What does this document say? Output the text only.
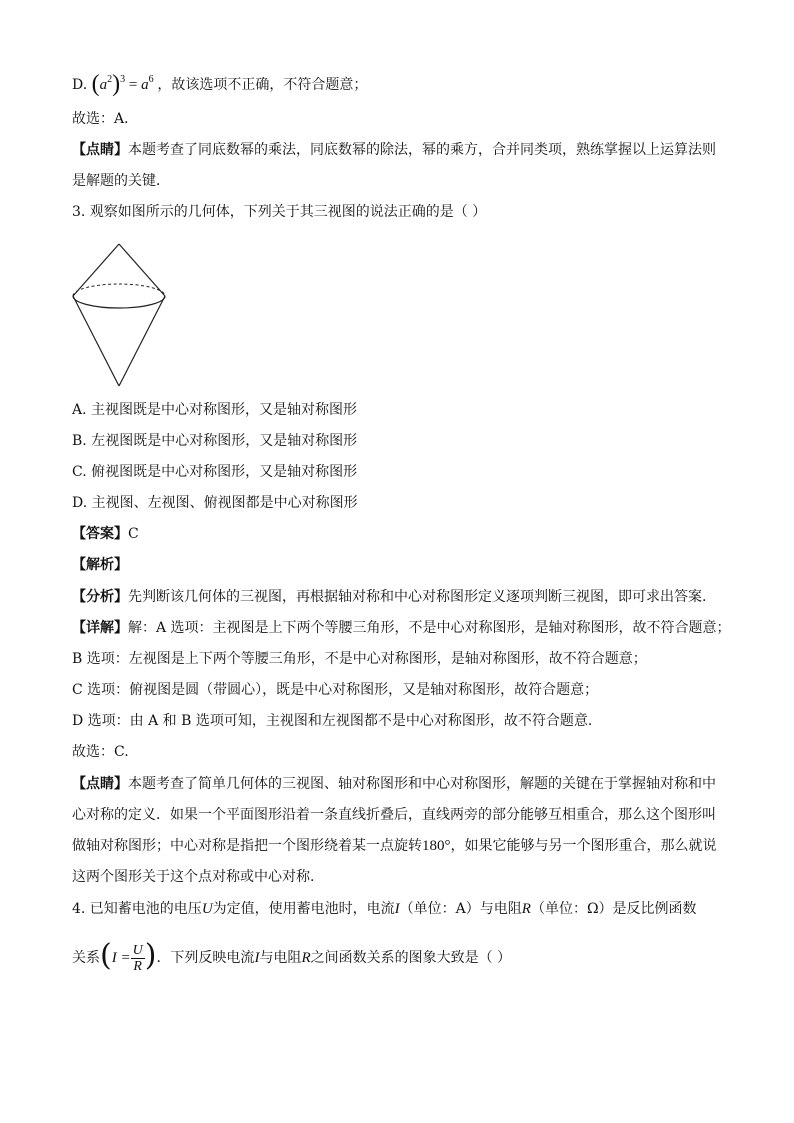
D. $(a^2)^3 = a^6$ ，故该选项不正确，不符合题意；
故选：A．
【点睛】本题考查了同底数幂的乘法，同底数幂的除法，幂的乘方，合并同类项，熟练掌握以上运算法则
是解题的关键．
3. 观察如图所示的几何体，下列关于其三视图的说法正确的是（ ）
A. 主视图既是中心对称图形，又是轴对称图形
B. 左视图既是中心对称图形，又是轴对称图形
C. 俯视图既是中心对称图形，又是轴对称图形
D. 主视图、左视图、俯视图都是中心对称图形
【答案】C
【解析】
【分析】先判断该几何体的三视图，再根据轴对称和中心对称图形定义逐项判断三视图，即可求出答案.
【详解】解：A 选项：主视图是上下两个等腰三角形，不是中心对称图形，是轴对称图形，故不符合题意；
B 选项：左视图是上下两个等腰三角形，不是中心对称图形，是轴对称图形，故不符合题意；
C 选项：俯视图是圆（带圆心），既是中心对称图形，又是轴对称图形，故符合题意；
D 选项：由 A 和 B 选项可知，主视图和左视图都不是中心对称图形，故不符合题意.
故选：C.
【点睛】本题考查了简单几何体的三视图、轴对称图形和中心对称图形，解题的关键在于掌握轴对称和中
心对称的定义．如果一个平面图形沿着一条直线折叠后，直线两旁的部分能够互相重合，那么这个图形叫
做轴对称图形；中心对称是指把一个图形绕着某一点旋转180°，如果它能够与另一个图形重合，那么就说
这两个图形关于这个点对称或中心对称.
4. 已知蓄电池的电压U为定值，使用蓄电池时，电流I（单位：A）与电阻R（单位：Ω）是反比例函数
关系($I = \frac{U}{R}$ )．下列反映电流I与电阻R之间函数关系的图象大致是（ ）
